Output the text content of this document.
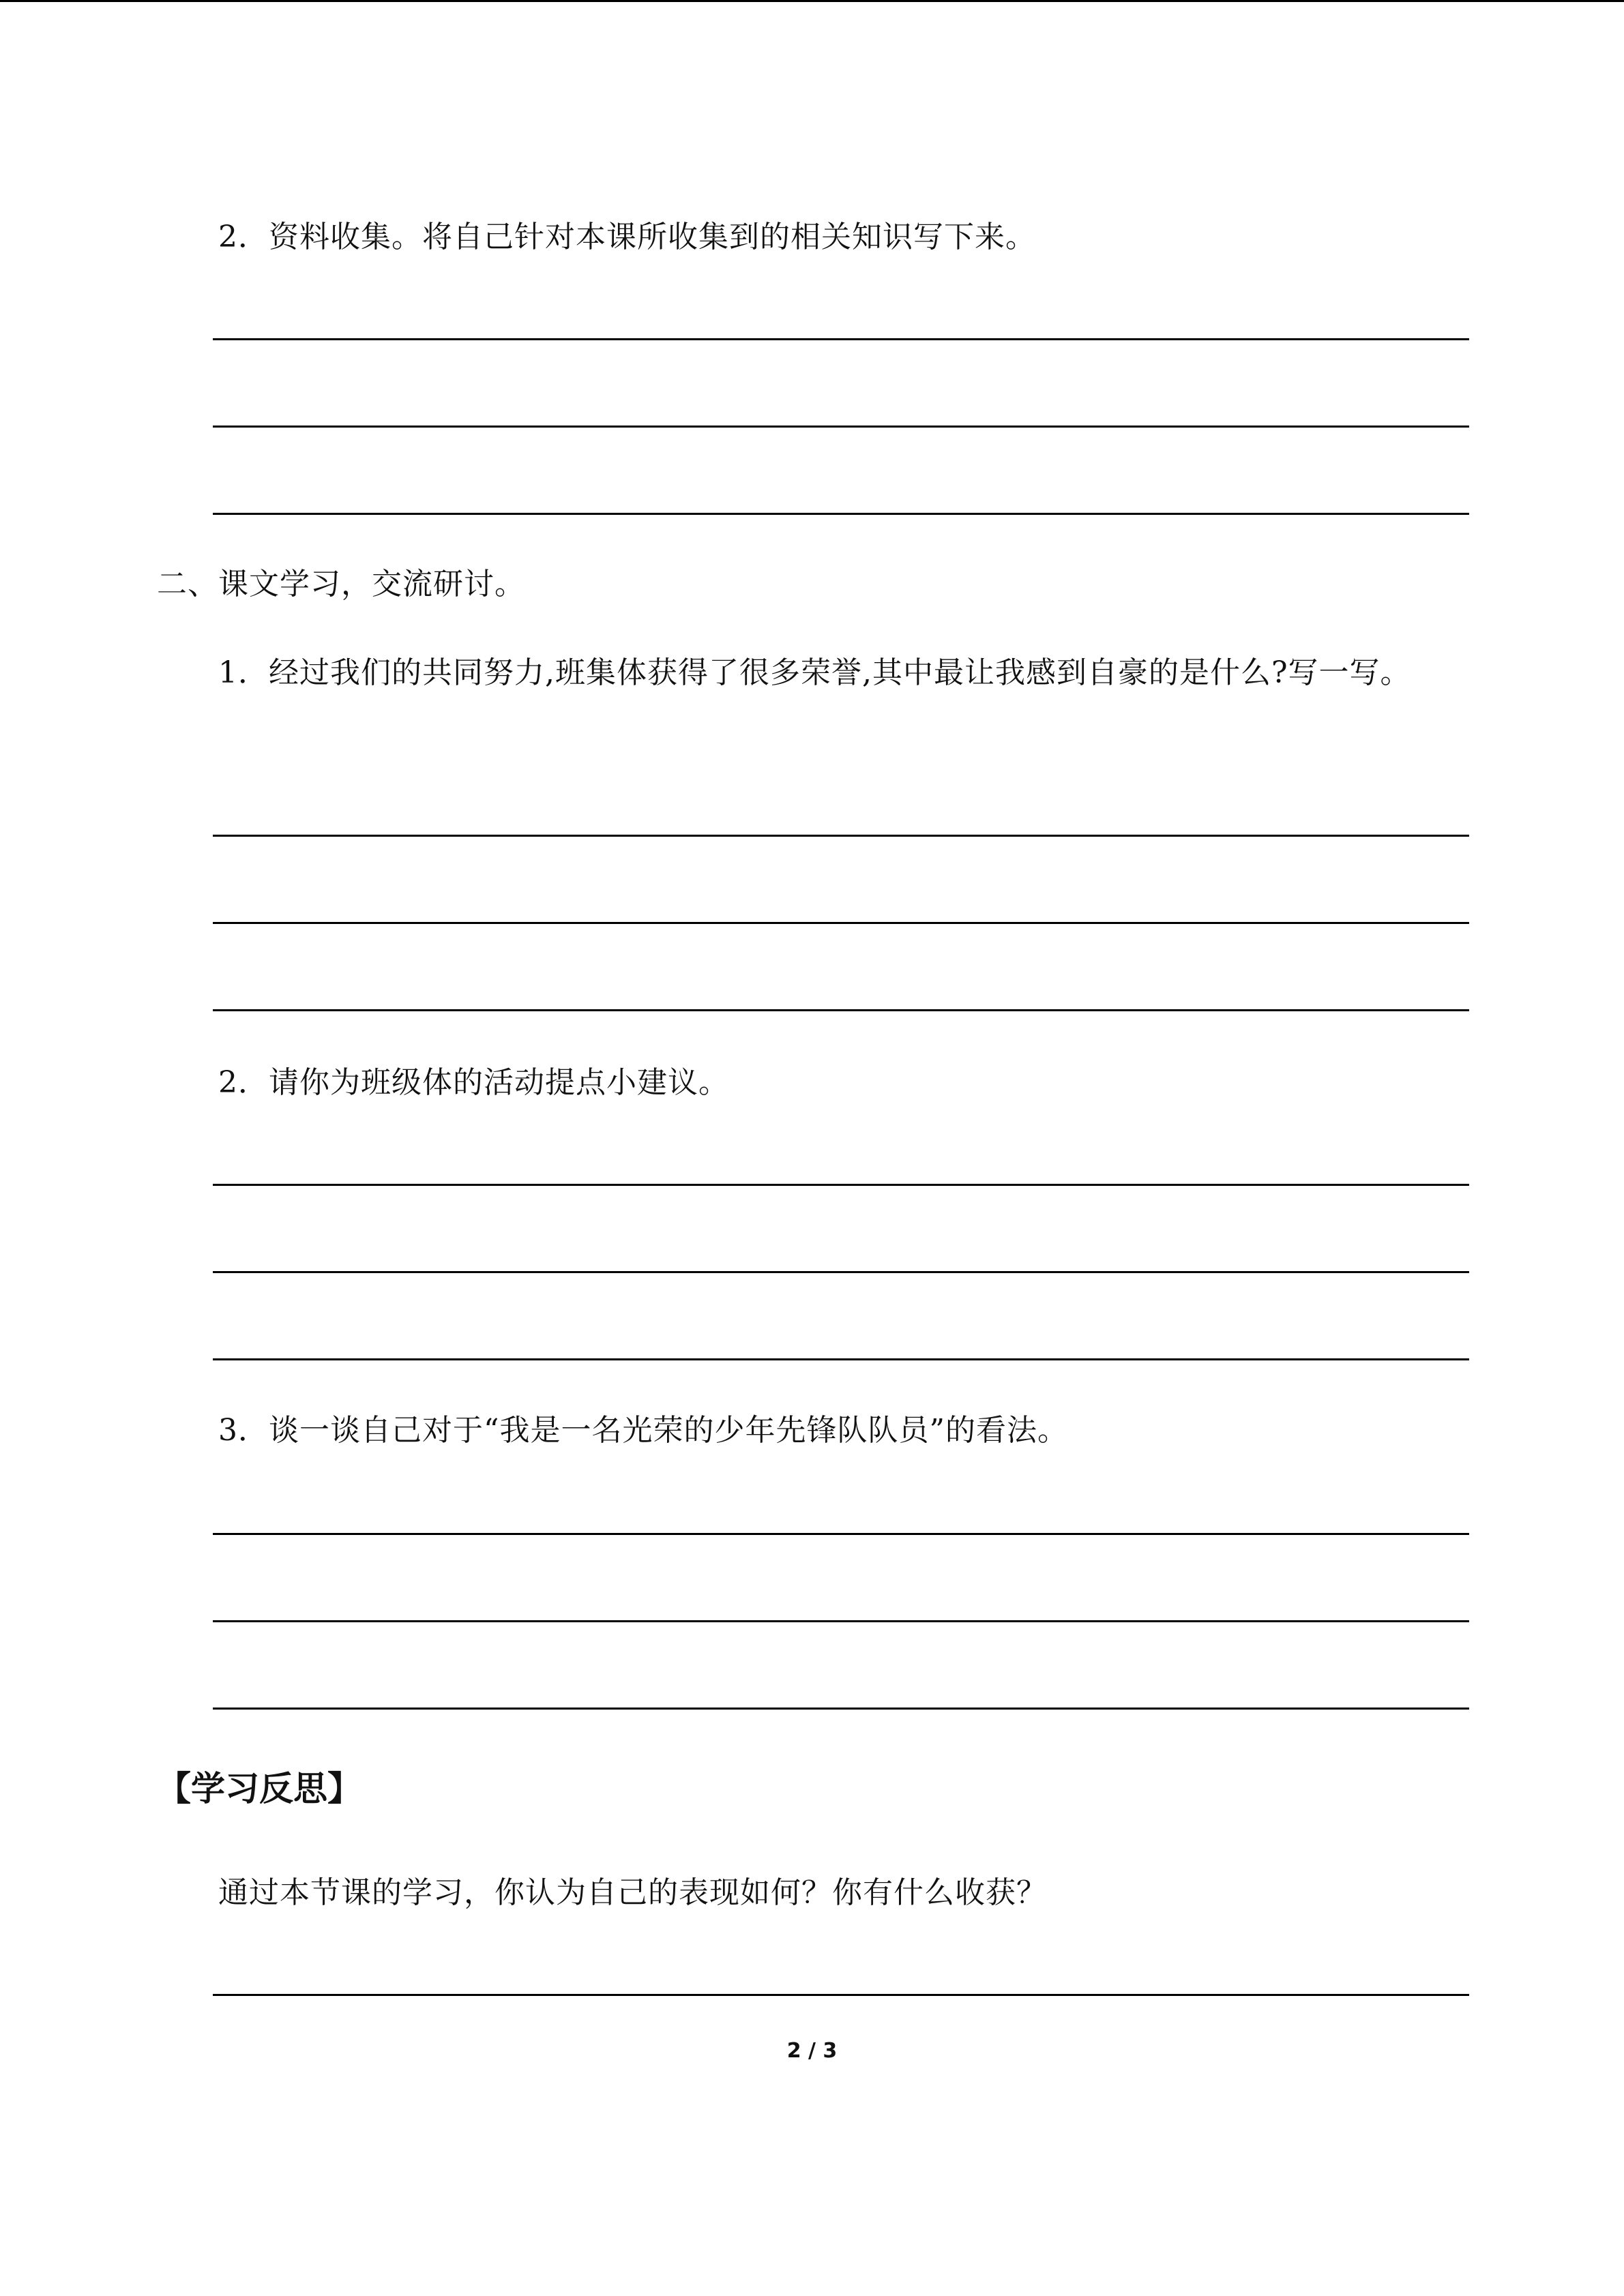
2．资料收集。将自己针对本课所收集到的相关知识写下来。
二、课文学习，交流研讨。
1．经过我们的共同努力,班集体获得了很多荣誉,其中最让我感到自豪的是什么?写一写。
2．请你为班级体的活动提点小建议。
3．谈一谈自己对于“我是一名光荣的少年先锋队队员”的看法。
【学习反思】
通过本节课的学习，你认为自己的表现如何？你有什么收获？
2 / 3
